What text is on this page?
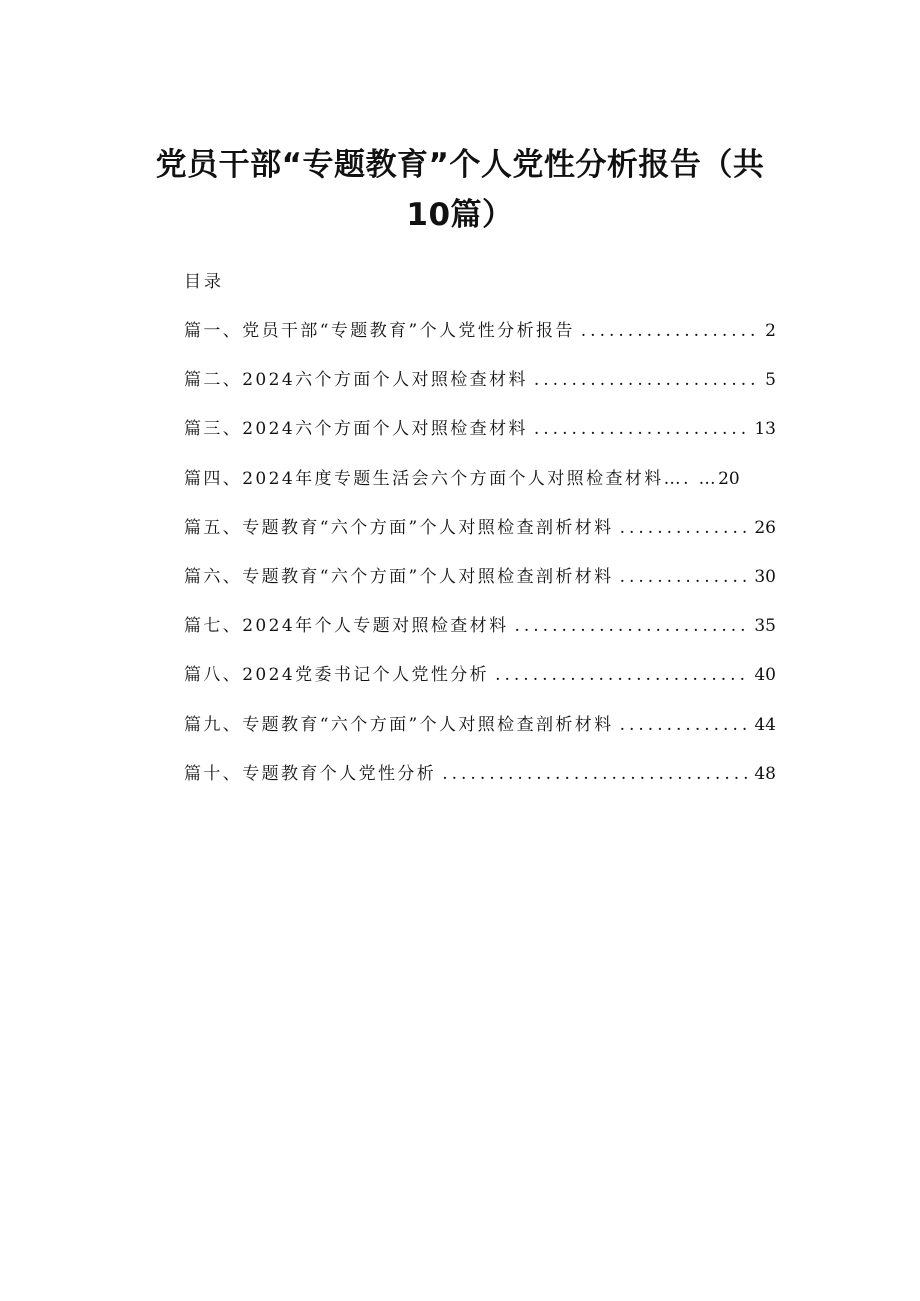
党员干部“专题教育”个人党性分析报告（共
10篇）
目录
篇一、党员干部“专题教育”个人党性分析报告 .....	2
篇二、2024六个方面个人对照检查材料 .....	5
篇三、2024六个方面个人对照检查材料 .....	13
篇四、2024年度专题生活会六个方面个人对照检查材料…. … 20
篇五、专题教育“六个方面”个人对照检查剖析材料 .....	26
篇六、专题教育“六个方面”个人对照检查剖析材料 .....	30
篇七、2024年个人专题对照检查材料 .....	35
篇八、2024党委书记个人党性分析 .....	40
篇九、专题教育“六个方面”个人对照检查剖析材料 .....	44
篇十、专题教育个人党性分析 .....	48
